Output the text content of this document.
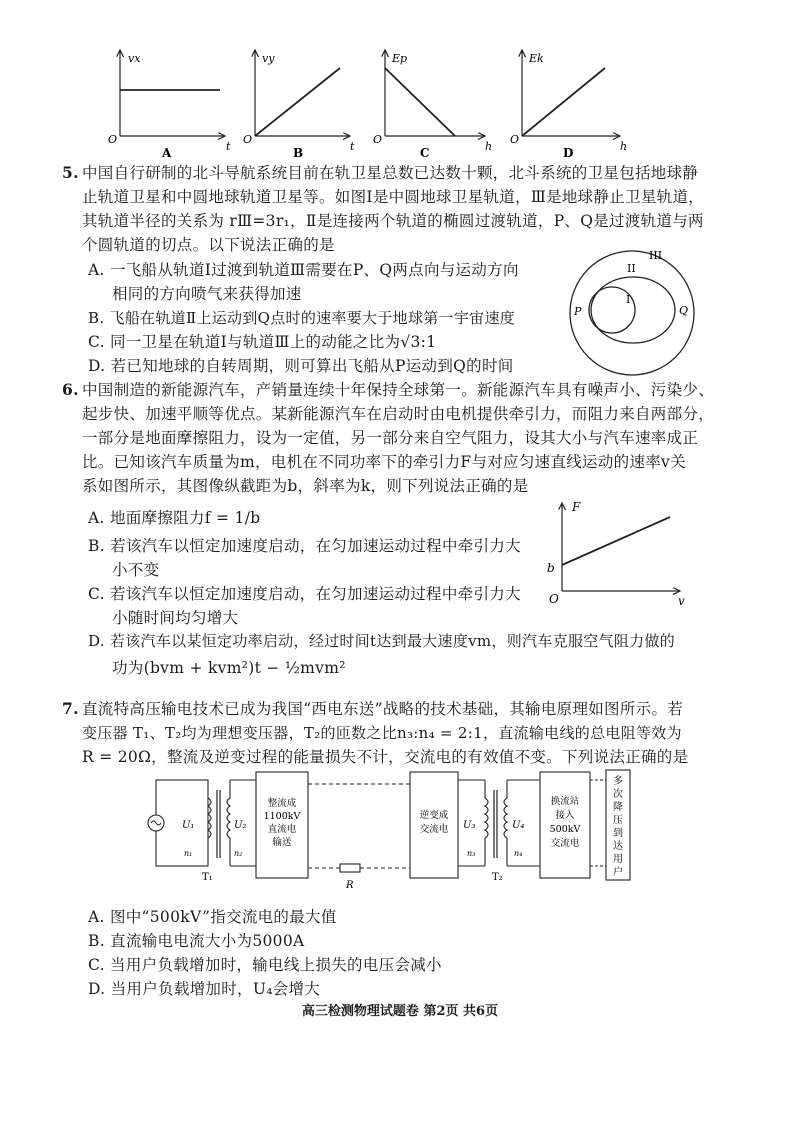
vx
O
t
A
vy
O
t
B
Ep
O
h
C
Ek
O
h
D
5. 中国自行研制的北斗导航系统目前在轨卫星总数已达数十颗，北斗系统的卫星包括地球静
止轨道卫星和中圆地球轨道卫星等。如图Ⅰ是中圆地球卫星轨道，Ⅲ是地球静止卫星轨道，
其轨道半径的关系为 rⅢ=3r₁，Ⅱ是连接两个轨道的椭圆过渡轨道，P、Q是过渡轨道与两
个圆轨道的切点。以下说法正确的是
A. 一飞船从轨道Ⅰ过渡到轨道Ⅲ需要在P、Q两点向与运动方向
相同的方向喷气来获得加速
B. 飞船在轨道Ⅱ上运动到Q点时的速率要大于地球第一宇宙速度
C. 同一卫星在轨道Ⅰ与轨道Ⅲ上的动能之比为√3:1
D. 若已知地球的自转周期，则可算出飞船从P运动到Q的时间
I
II
III
P	Q
6. 中国制造的新能源汽车，产销量连续十年保持全球第一。新能源汽车具有噪声小、污染少、
起步快、加速平顺等优点。某新能源汽车在启动时由电机提供牵引力，而阻力来自两部分，
一部分是地面摩擦阻力，设为一定值，另一部分来自空气阻力，设其大小与汽车速率成正
比。已知该汽车质量为m，电机在不同功率下的牵引力F与对应匀速直线运动的速率v关
系如图所示，其图像纵截距为b，斜率为k，则下列说法正确的是
A. 地面摩擦阻力f = 1/b
B. 若该汽车以恒定加速度启动，在匀加速运动过程中牵引力大
小不变
C. 若该汽车以恒定加速度启动，在匀加速运动过程中牵引力大
小随时间均匀增大
D. 若该汽车以某恒定功率启动，经过时间t达到最大速度vm，则汽车克服空气阻力做的
功为(bvm + kvm²)t − ½mvm²
F
b
O	v
7. 直流特高压输电技术已成为我国“西电东送”战略的技术基础，其输电原理如图所示。若
变压器 T₁、T₂均为理想变压器，T₂的匝数之比n₃:n₄ = 2:1，直流输电线的总电阻等效为
R = 20Ω，整流及逆变过程的能量损失不计，交流电的有效值不变。下列说法正确的是
U₁
n₁
T₁
U₂
n₂
整流成
1100kV
直流电
输送
R
逆变成
交流电 U₃
n₃
T₂
U₄
n₄
换流站
接入
500kV
交流电
多
次
降
压
到
达
用
户
A. 图中“500kV”指交流电的最大值
B. 直流输电电流大小为5000A
C. 当用户负载增加时，输电线上损失的电压会减小
D. 当用户负载增加时，U₄会增大
高三检测物理试题卷 第2页 共6页
